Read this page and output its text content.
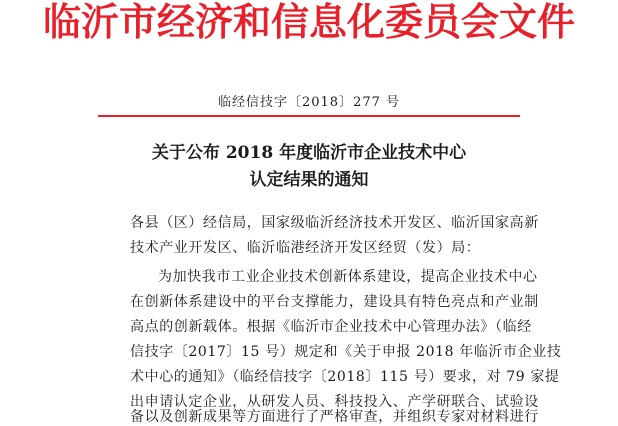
临沂市经济和信息化委员会文件
临经信技字〔2018〕277 号
关于公布 2018 年度临沂市企业技术中心
认定结果的通知
各县（区）经信局，国家级临沂经济技术开发区、临沂国家高新
技术产业开发区、临沂临港经济开发区经贸（发）局：
为加快我市工业企业技术创新体系建设，提高企业技术中心
在创新体系建设中的平台支撑能力，建设具有特色亮点和产业制
高点的创新载体。根据《临沂市企业技术中心管理办法》（临经
信技字〔2017〕15 号）规定和《关于申报 2018 年临沂市企业技
术中心的通知》（临经信技字〔2018〕115 号）要求，对 79 家提
出申请认定企业，从研发人员、科技投入、产学研联合、试验设
备以及创新成果等方面进行了严格审查，并组织专家对材料进行
